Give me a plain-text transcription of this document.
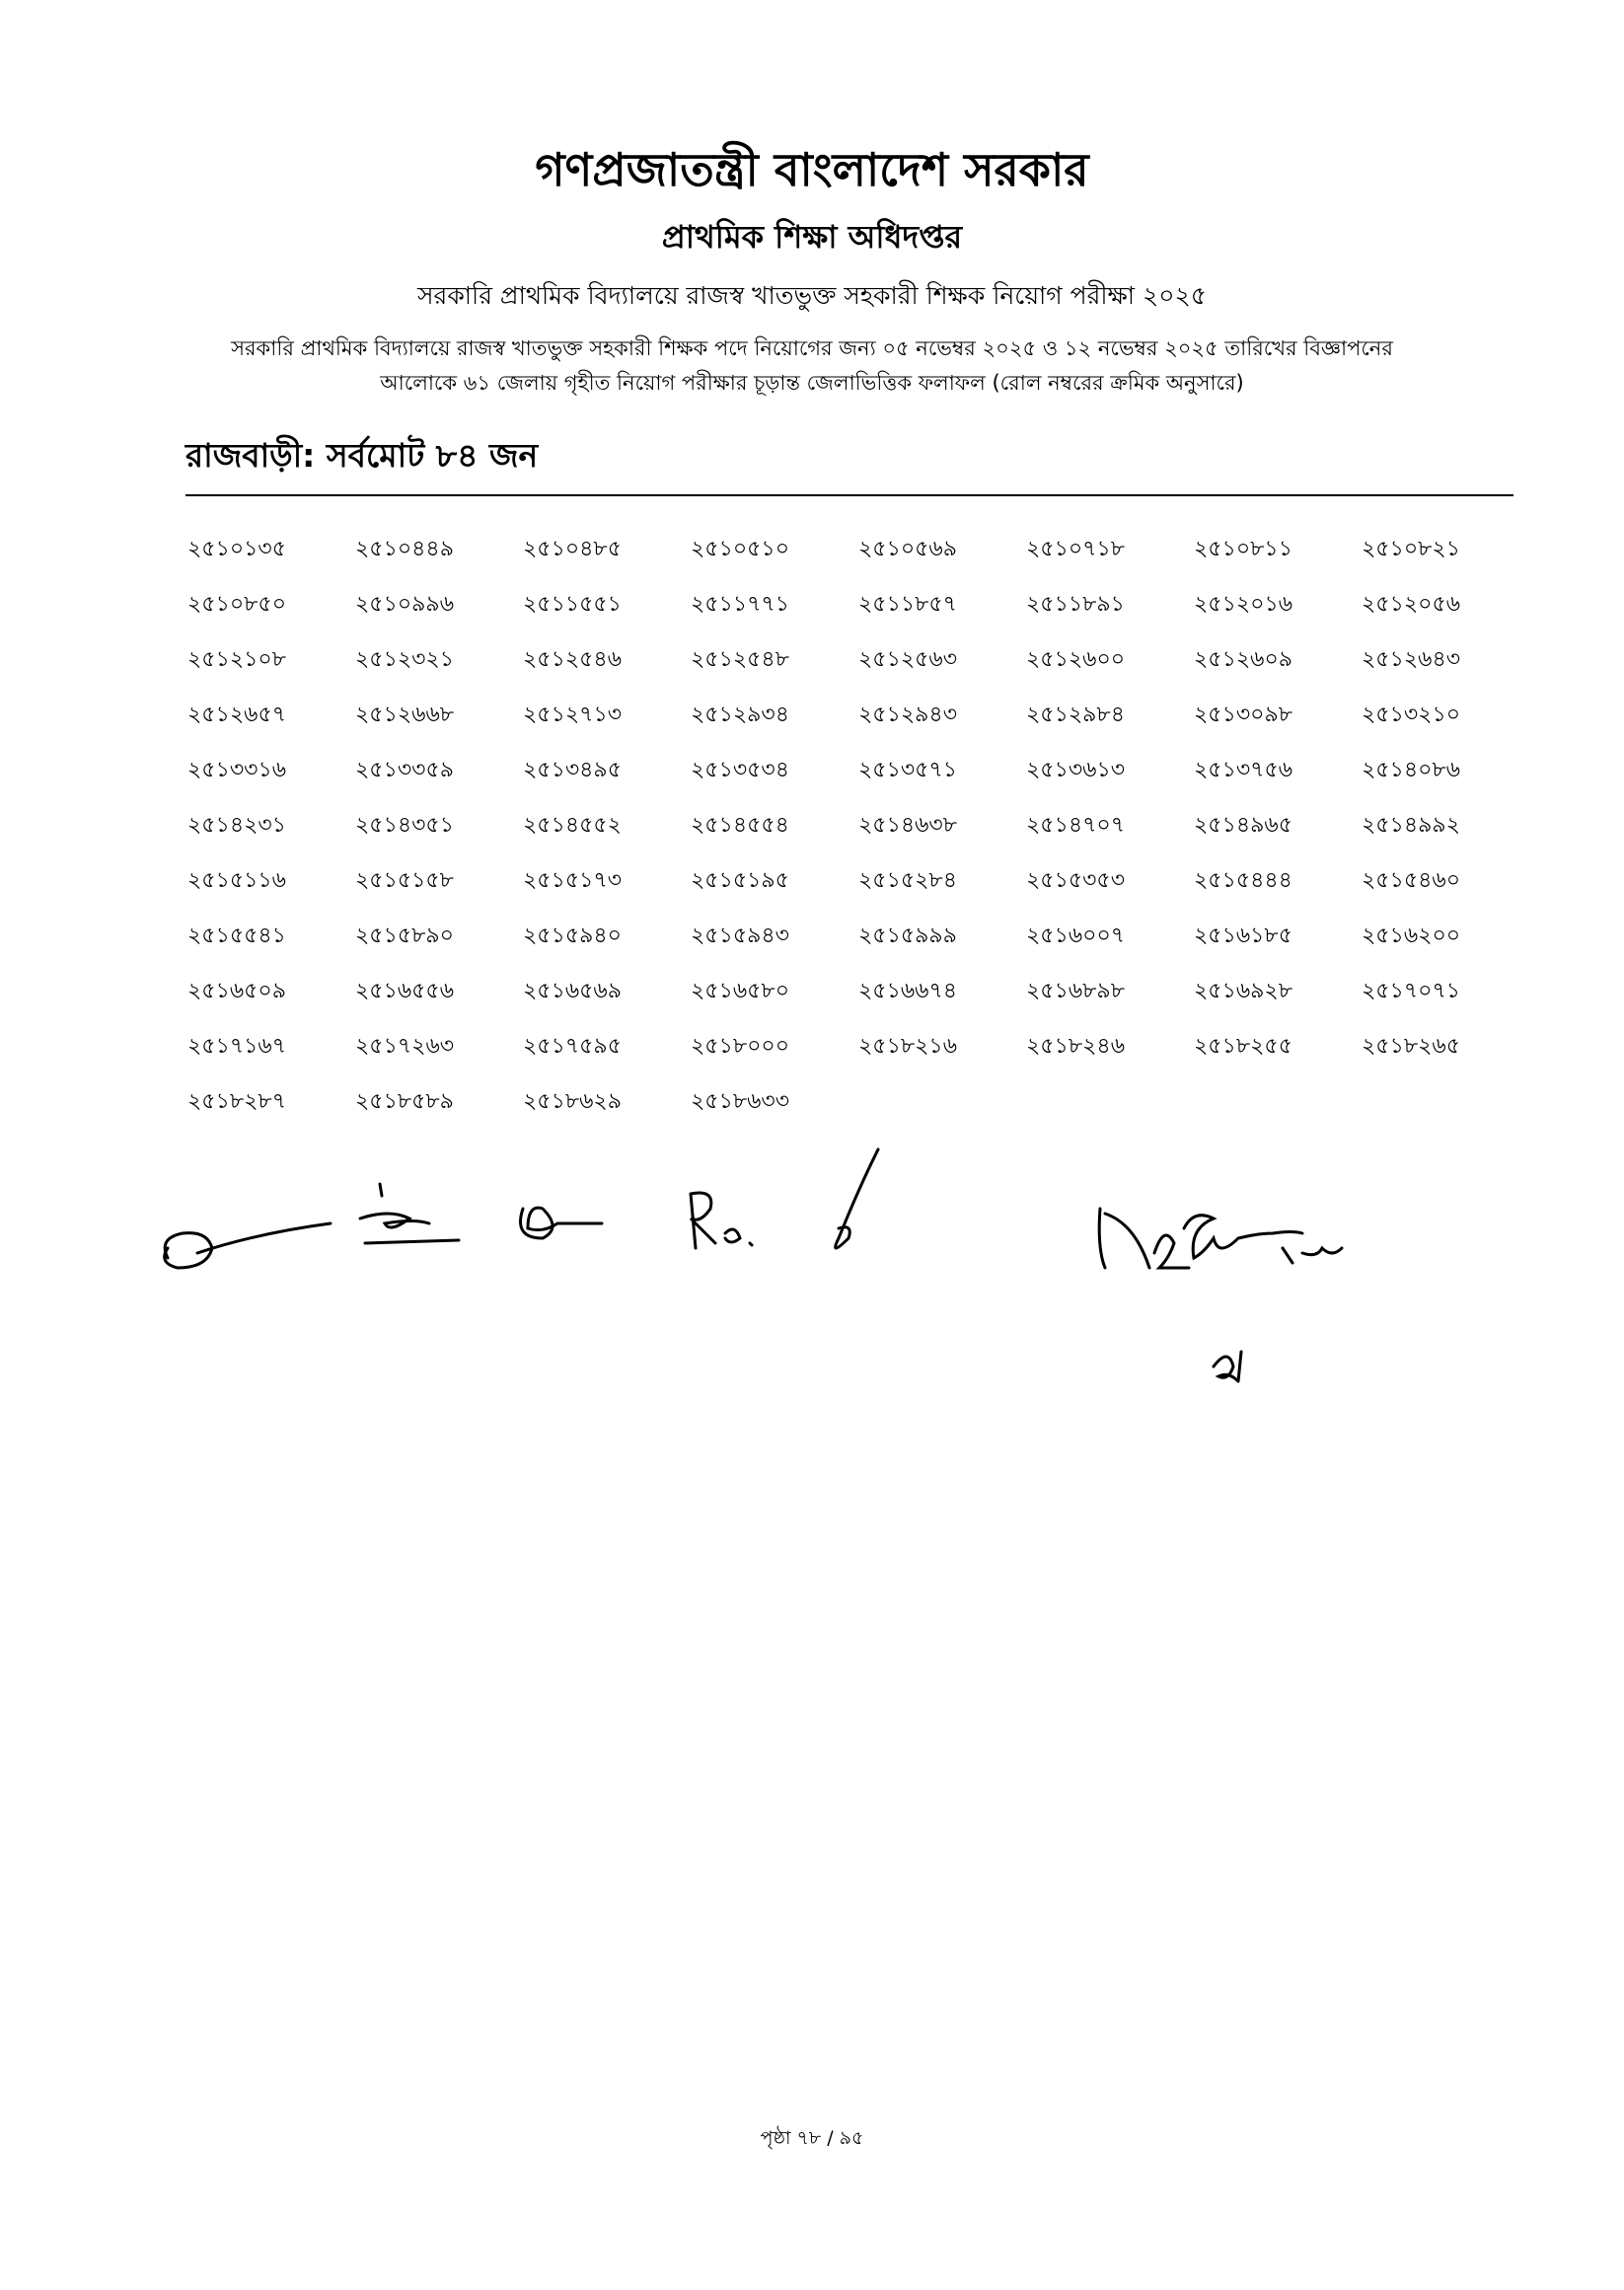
গণপ্রজাতন্ত্রী বাংলাদেশ সরকার
প্রাথমিক শিক্ষা অধিদপ্তর
সরকারি প্রাথমিক বিদ্যালয়ে রাজস্ব খাতভুক্ত সহকারী শিক্ষক নিয়োগ পরীক্ষা ২০২৫
সরকারি প্রাথমিক বিদ্যালয়ে রাজস্ব খাতভুক্ত সহকারী শিক্ষক পদে নিয়োগের জন্য ০৫ নভেম্বর ২০২৫ ও ১২ নভেম্বর ২০২৫ তারিখের বিজ্ঞাপনের
আলোকে ৬১ জেলায় গৃহীত নিয়োগ পরীক্ষার চূড়ান্ত জেলাভিত্তিক ফলাফল (রোল নম্বরের ক্রমিক অনুসারে)
রাজবাড়ী: সর্বমোট ৮৪ জন
২৫১০১৩৫	২৫১০৪৪৯	২৫১০৪৮৫	২৫১০৫১০	২৫১০৫৬৯	২৫১০৭১৮	২৫১০৮১১	২৫১০৮২১
২৫১০৮৫০	২৫১০৯৯৬	২৫১১৫৫১	২৫১১৭৭১	২৫১১৮৫৭	২৫১১৮৯১	২৫১২০১৬	২৫১২০৫৬
২৫১২১০৮	২৫১২৩২১	২৫১২৫৪৬	২৫১২৫৪৮	২৫১২৫৬৩	২৫১২৬০০	২৫১২৬০৯	২৫১২৬৪৩
২৫১২৬৫৭	২৫১২৬৬৮	২৫১২৭১৩	২৫১২৯৩৪	২৫১২৯৪৩	২৫১২৯৮৪	২৫১৩০৯৮	২৫১৩২১০
২৫১৩৩১৬	২৫১৩৩৫৯	২৫১৩৪৯৫	২৫১৩৫৩৪	২৫১৩৫৭১	২৫১৩৬১৩	২৫১৩৭৫৬	২৫১৪০৮৬
২৫১৪২৩১	২৫১৪৩৫১	২৫১৪৫৫২	২৫১৪৫৫৪	২৫১৪৬৩৮	২৫১৪৭০৭	২৫১৪৯৬৫	২৫১৪৯৯২
২৫১৫১১৬	২৫১৫১৫৮	২৫১৫১৭৩	২৫১৫১৯৫	২৫১৫২৮৪	২৫১৫৩৫৩	২৫১৫৪৪৪	২৫১৫৪৬০
২৫১৫৫৪১	২৫১৫৮৯০	২৫১৫৯৪০	২৫১৫৯৪৩	২৫১৫৯৯৯	২৫১৬০০৭	২৫১৬১৮৫	২৫১৬২০০
২৫১৬৫০৯	২৫১৬৫৫৬	২৫১৬৫৬৯	২৫১৬৫৮০	২৫১৬৬৭৪	২৫১৬৮৯৮	২৫১৬৯২৮	২৫১৭০৭১
২৫১৭১৬৭	২৫১৭২৬৩	২৫১৭৫৯৫	২৫১৮০০০	২৫১৮২১৬	২৫১৮২৪৬	২৫১৮২৫৫	২৫১৮২৬৫
২৫১৮২৮৭	২৫১৮৫৮৯	২৫১৮৬২৯	২৫১৮৬৩৩
পৃষ্ঠা ৭৮ / ৯৫
